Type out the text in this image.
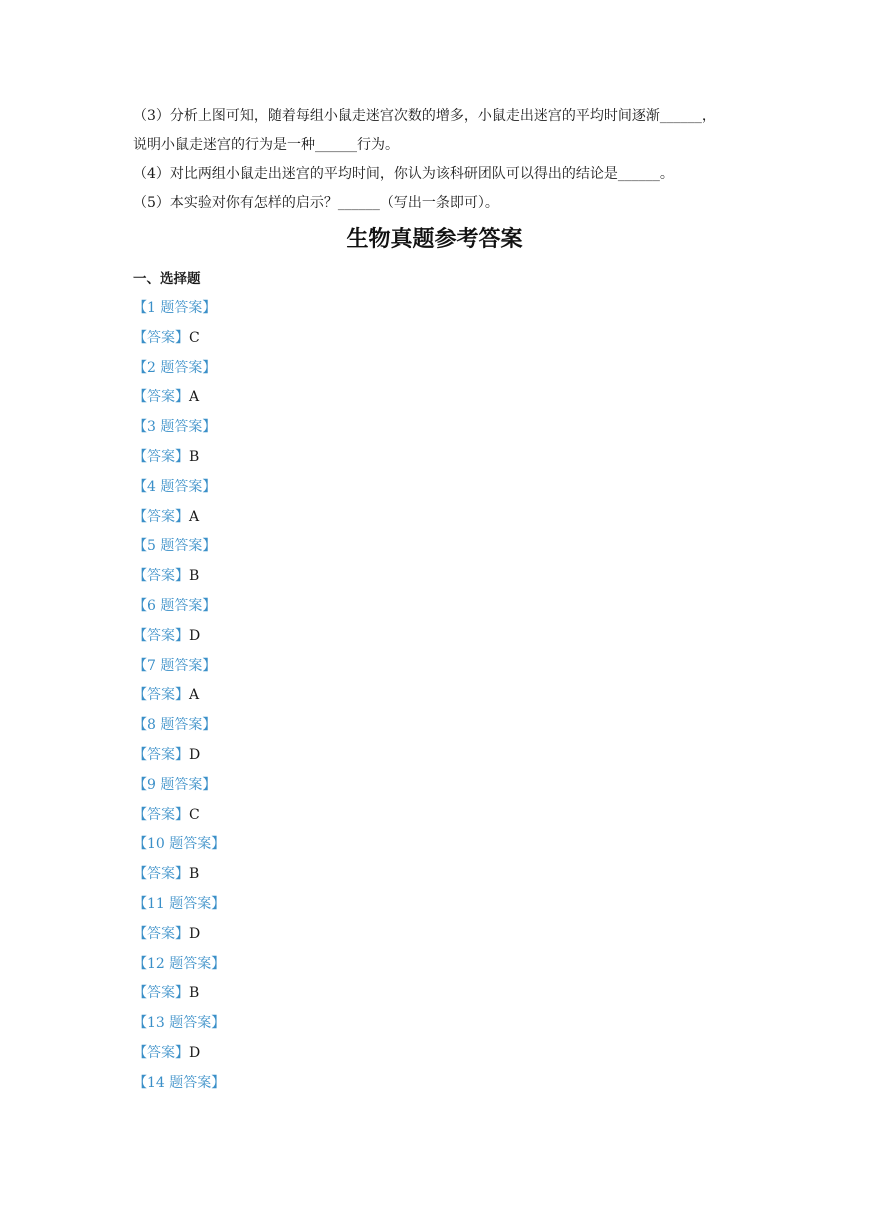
（3）分析上图可知，随着每组小鼠走迷宫次数的增多，小鼠走出迷宫的平均时间逐渐______，
说明小鼠走迷宫的行为是一种______行为。
（4）对比两组小鼠走出迷宫的平均时间，你认为该科研团队可以得出的结论是______。
（5）本实验对你有怎样的启示？______（写出一条即可）。
生物真题参考答案
一、选择题
【1 题答案】
【答案】C
【2 题答案】
【答案】A
【3 题答案】
【答案】B
【4 题答案】
【答案】A
【5 题答案】
【答案】B
【6 题答案】
【答案】D
【7 题答案】
【答案】A
【8 题答案】
【答案】D
【9 题答案】
【答案】C
【10 题答案】
【答案】B
【11 题答案】
【答案】D
【12 题答案】
【答案】B
【13 题答案】
【答案】D
【14 题答案】
